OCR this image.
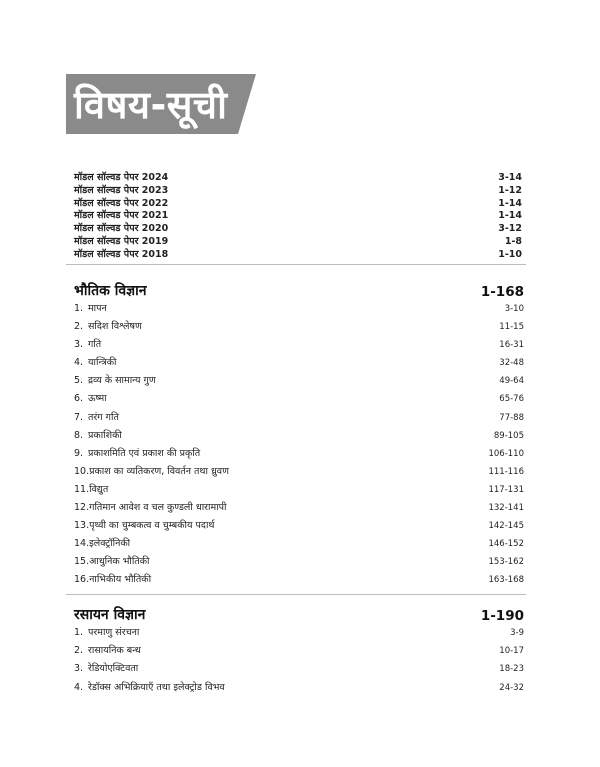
विषय-सूची
मॉडल सॉल्वड पेपर 2024	3-14
मॉडल सॉल्वड पेपर 2023	1-12
मॉडल सॉल्वड पेपर 2022	1-14
मॉडल सॉल्वड पेपर 2021	1-14
मॉडल सॉल्वड पेपर 2020	3-12
मॉडल सॉल्वड पेपर 2019	1-8
मॉडल सॉल्वड पेपर 2018	1-10
भौतिक विज्ञान	1-168
1. मापन	3-10
2. सदिश विश्लेषण	11-15
3. गति	16-31
4. यान्त्रिकी	32-48
5. द्रव्य के सामान्य गुण	49-64
6. ऊष्मा	65-76
7. तरंग गति	77-88
8. प्रकाशिकी	89-105
9. प्रकाशमिति एवं प्रकाश की प्रकृति	106-110
10. प्रकाश का व्यतिकरण, विवर्तन तथा ध्रुवण	111-116
11. विद्युत	117-131
12. गतिमान आवेश व चल कुण्डली धारामापी	132-141
13. पृथ्वी का चुम्बकत्व व चुम्बकीय पदार्थ	142-145
14. इलेक्ट्रॉनिकी	146-152
15. आधुनिक भौतिकी	153-162
16. नाभिकीय भौतिकी	163-168
रसायन विज्ञान	1-190
1. परमाणु संरचना	3-9
2. रासायनिक बन्ध	10-17
3. रेडियोएक्टिवता	18-23
4. रेडॉक्स अभिक्रियाएँ तथा इलेक्ट्रोड विभव	24-32
